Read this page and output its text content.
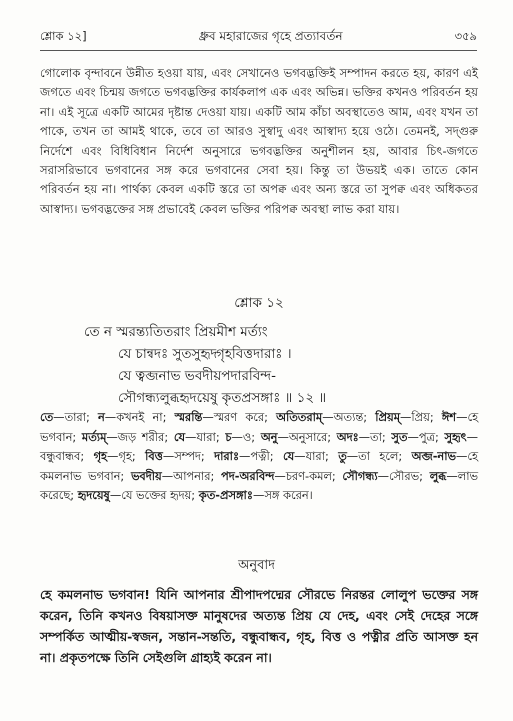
শ্লোক ১২]	ধ্রুব মহারাজের গৃহে প্রত্যাবর্তন	৩৫৯
গোলোক বৃন্দাবনে উন্নীত হওয়া যায়, এবং সেখানেও ভগবদ্ভক্তিই সম্পাদন করতে হয়, কারণ এই জগতে এবং চিন্ময় জগতে ভগবদ্ভক্তির কার্যকলাপ এক এবং অভিন্ন। ভক্তির কখনও পরিবর্তন হয় না। এই সূত্রে একটি আমের দৃষ্টান্ত দেওয়া যায়। একটি আম কাঁচা অবস্থাতেও আম, এবং যখন তা পাকে, তখন তা আমই থাকে, তবে তা আরও সুস্বাদু এবং আস্বাদ্য হয়ে ওঠে। তেমনই, সদ্গুরু নির্দেশে এবং বিধিবিধান নির্দেশ অনুসারে ভগবদ্ভক্তির অনুশীলন হয়, আবার চিৎ-জগতে সরাসরিভাবে ভগবানের সঙ্গ করে ভগবানের সেবা হয়। কিন্তু তা উভয়ই এক। তাতে কোন পরিবর্তন হয় না। পার্থক্য কেবল একটি স্তরে তা অপক্ব এবং অন্য স্তরে তা সুপক্ব এবং অধিকতর আস্বাদ্য। ভগবদ্ভক্তের সঙ্গ প্রভাবেই কেবল ভক্তির পরিপক্ব অবস্থা লাভ করা যায়।
শ্লোক ১২
তে ন স্মরন্ত্যতিতরাং প্রিয়মীশ মর্ত্যং
যে চান্বদঃ সুতসুহৃদ্গৃহবিত্তদারাঃ ।
যে ত্বব্জনাভ ভবদীয়পদারবিন্দ-
সৌগন্ধ্যলুব্ধহৃদয়েষু কৃতপ্রসঙ্গাঃ ॥ ১২ ॥
তে—তারা; ন—কখনই না; স্মরন্তি—স্মরণ করে; অতিতরাম্—অত্যন্ত; প্রিয়ম্—প্রিয়; ঈশ—হে ভগবান; মর্ত্যম্—জড় শরীর; যে—যারা; চ—ও; অনু—অনুসারে; অদঃ—তা; সুত—পুত্র; সুহৃৎ—বন্ধুবান্ধব; গৃহ—গৃহ; বিত্ত—সম্পদ; দারাঃ—পত্নী; যে—যারা; তু—তা হলে; অব্জ-নাভ—হে কমলনাভ ভগবান; ভবদীয়—আপনার; পদ-অরবিন্দ—চরণ-কমল; সৌগন্ধ্য—সৌরভ; লুব্ধ—লাভ করেছে; হৃদয়েষু—যে ভক্তের হৃদয়; কৃত-প্রসঙ্গাঃ—সঙ্গ করেন।
অনুবাদ
হে কমলনাভ ভগবান! যিনি আপনার শ্রীপাদপদ্মের সৌরভে নিরন্তর লোলুপ ভক্তের সঙ্গ করেন, তিনি কখনও বিষয়াসক্ত মানুষদের অত্যন্ত প্রিয় যে দেহ, এবং সেই দেহের সঙ্গে সম্পর্কিত আত্মীয়-স্বজন, সন্তান-সন্ততি, বন্ধুবান্ধব, গৃহ, বিত্ত ও পত্নীর প্রতি আসক্ত হন না। প্রকৃতপক্ষে তিনি সেইগুলি গ্রাহ্যই করেন না।
